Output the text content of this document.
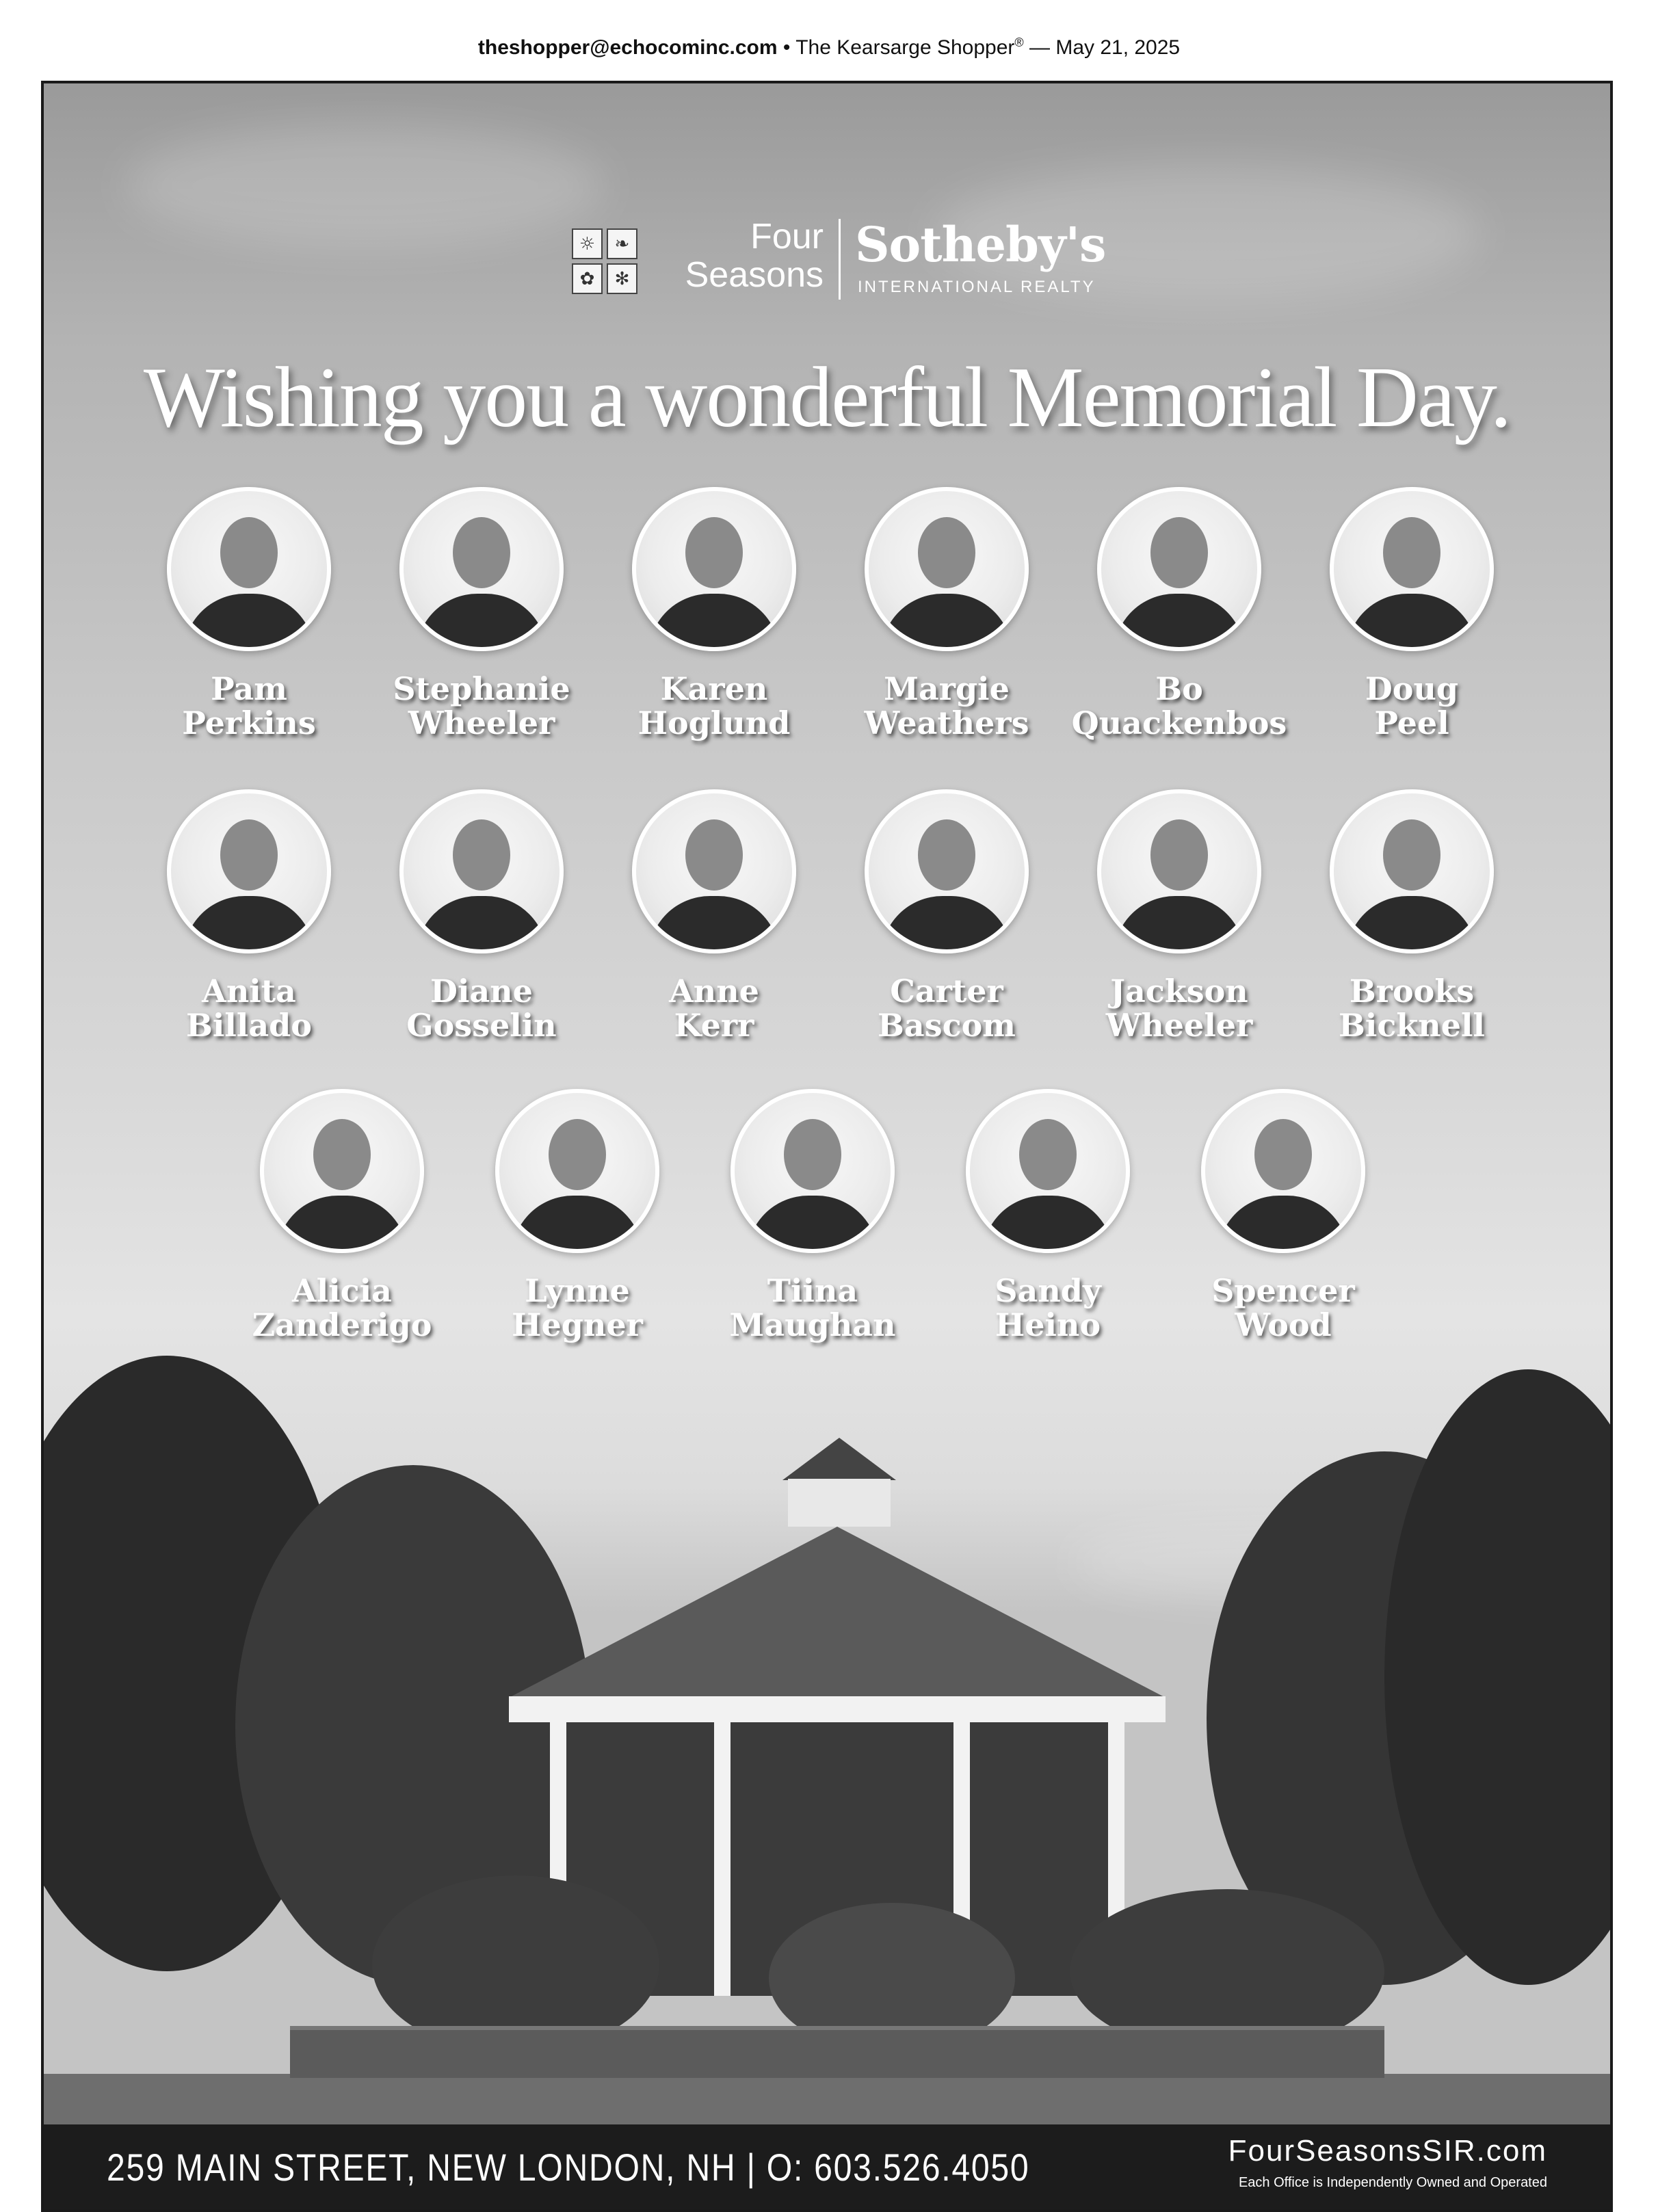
theshopper@echocominc.com • The Kearsarge Shopper® — May 21, 2025
☼	❧
✿	✻
Four
Seasons
Sotheby's
INTERNATIONAL REALTY
Wishing you a wonderful Memorial Day.
Pam
Perkins
Stephanie
Wheeler
Karen
Hoglund
Margie
Weathers
Bo
Quackenbos
Doug
Peel
Anita
Billado
Diane
Gosselin
Anne
Kerr
Carter
Bascom
Jackson
Wheeler
Brooks
Bicknell
Alicia
Zanderigo
Lynne
Hegner
Tiina
Maughan
Sandy
Heino
Spencer
Wood
259 MAIN STREET, NEW LONDON, NH | O: 603.526.4050	FourSeasonsSIR.com
Each Office is Independently Owned and Operated
